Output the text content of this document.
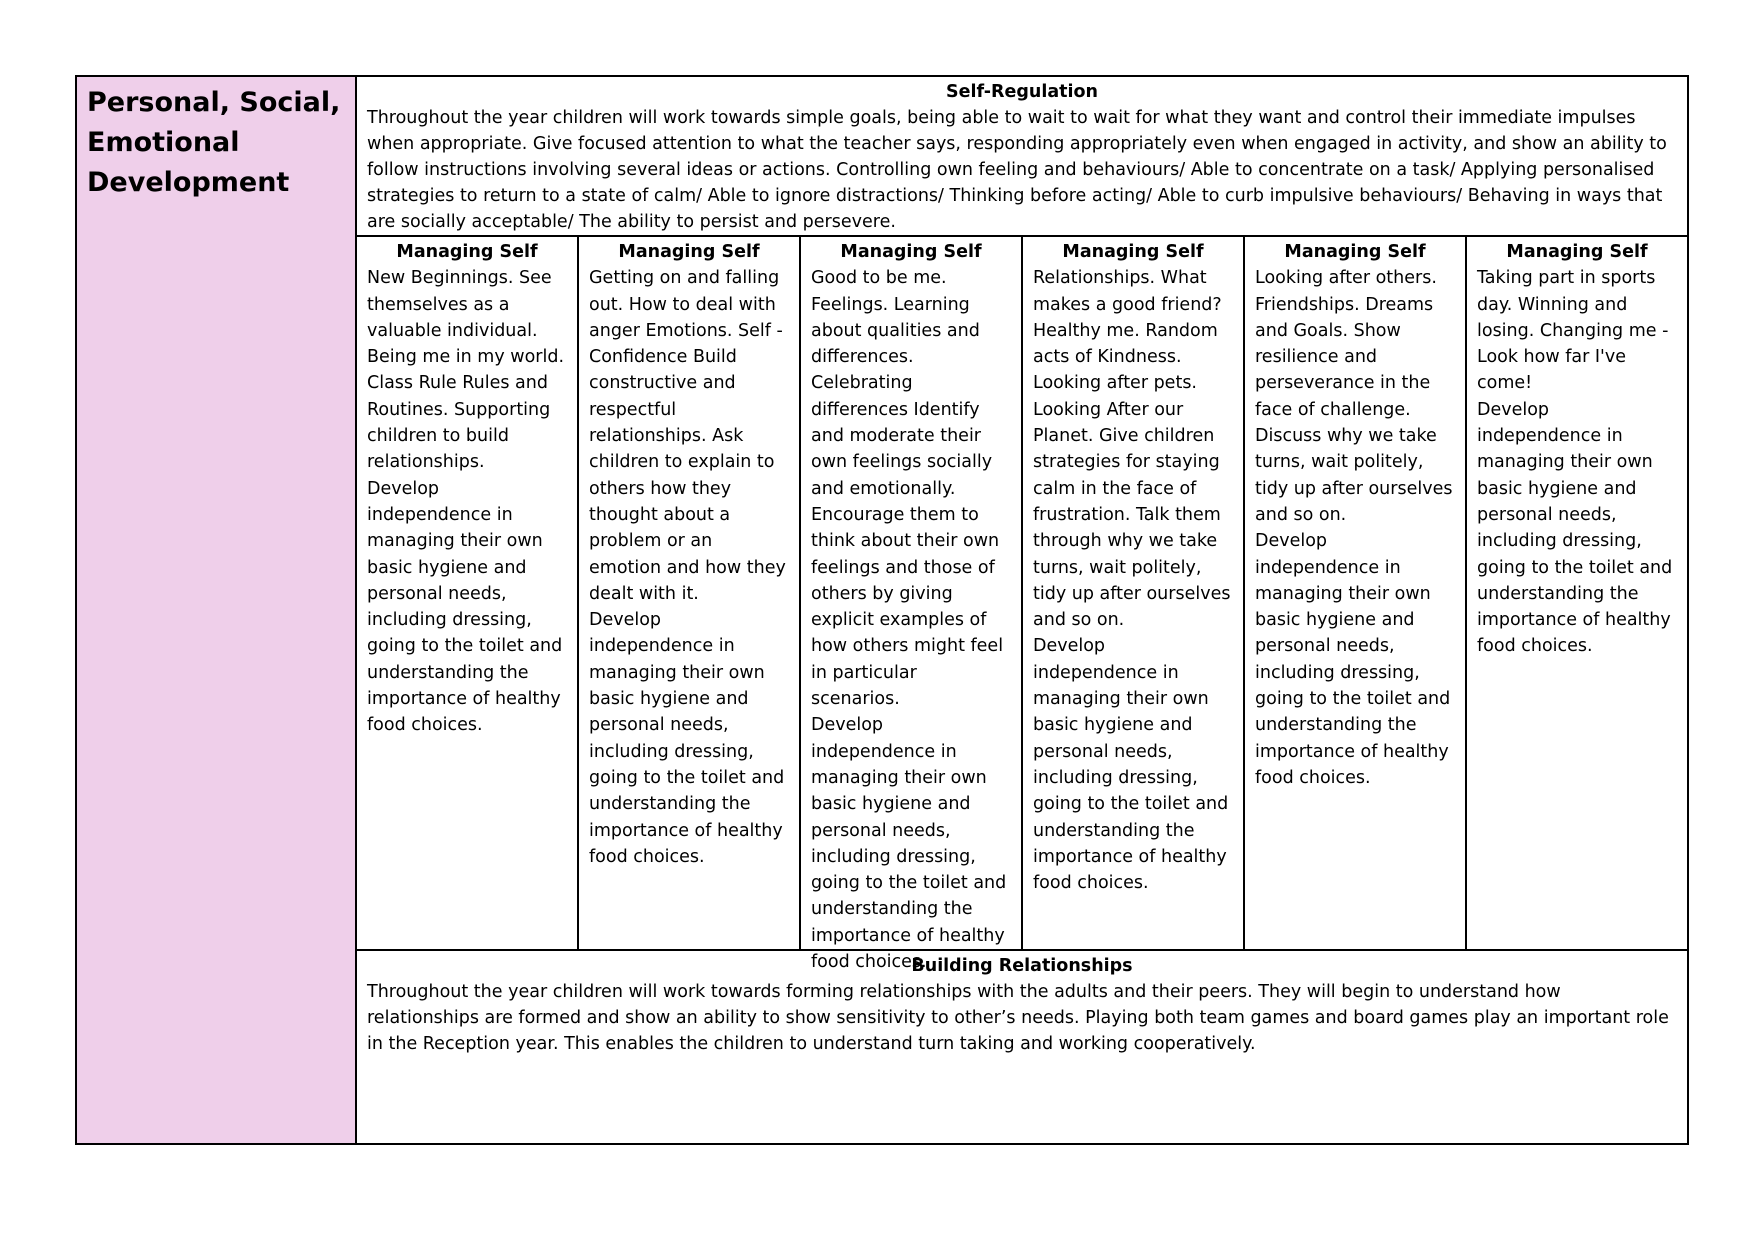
Personal, Social, Emotional Development

Self-Regulation

Throughout the year children will work towards simple goals, being able to wait to wait for what they want and control their immediate impulses when appropriate. Give focused attention to what the teacher says, responding appropriately even when engaged in activity, and show an ability to follow instructions involving several ideas or actions. Controlling own feeling and behaviours/ Able to concentrate on a task/ Applying personalised strategies to return to a state of calm/ Able to ignore distractions/ Thinking before acting/ Able to curb impulsive behaviours/ Behaving in ways that are socially acceptable/ The ability to persist and persevere.

Managing Self

New Beginnings. See themselves as a valuable individual. Being me in my world. Class Rule Rules and Routines. Supporting children to build relationships.

Develop independence in managing their own basic hygiene and personal needs, including dressing, going to the toilet and understanding the importance of healthy food choices.

Managing Self

Getting on and falling out. How to deal with anger Emotions. Self - Confidence Build constructive and respectful relationships. Ask children to explain to others how they thought about a problem or an emotion and how they dealt with it.

Develop independence in managing their own basic hygiene and personal needs, including dressing, going to the toilet and understanding the importance of healthy food choices.

Managing Self

Good to be me. Feelings. Learning about qualities and differences. Celebrating differences Identify and moderate their own feelings socially and emotionally. Encourage them to think about their own feelings and those of others by giving explicit examples of how others might feel in particular scenarios.

Develop independence in managing their own basic hygiene and personal needs, including dressing, going to the toilet and understanding the importance of healthy food choices.

Managing Self

Relationships. What makes a good friend? Healthy me. Random acts of Kindness. Looking after pets. Looking After our Planet. Give children strategies for staying calm in the face of frustration. Talk them through why we take turns, wait politely, tidy up after ourselves and so on.

Develop independence in managing their own basic hygiene and personal needs, including dressing, going to the toilet and understanding the importance of healthy food choices.

Managing Self

Looking after others. Friendships. Dreams and Goals. Show resilience and perseverance in the face of challenge. Discuss why we take turns, wait politely, tidy up after ourselves and so on.

Develop independence in managing their own basic hygiene and personal needs, including dressing, going to the toilet and understanding the importance of healthy food choices.

Managing Self

Taking part in sports day. Winning and losing. Changing me - Look how far I've come!

Develop independence in managing their own basic hygiene and personal needs, including dressing, going to the toilet and understanding the importance of healthy food choices.

Building Relationships

Throughout the year children will work towards forming relationships with the adults and their peers. They will begin to understand how relationships are formed and show an ability to show sensitivity to other’s needs. Playing both team games and board games play an important role in the Reception year. This enables the children to understand turn taking and working cooperatively.
